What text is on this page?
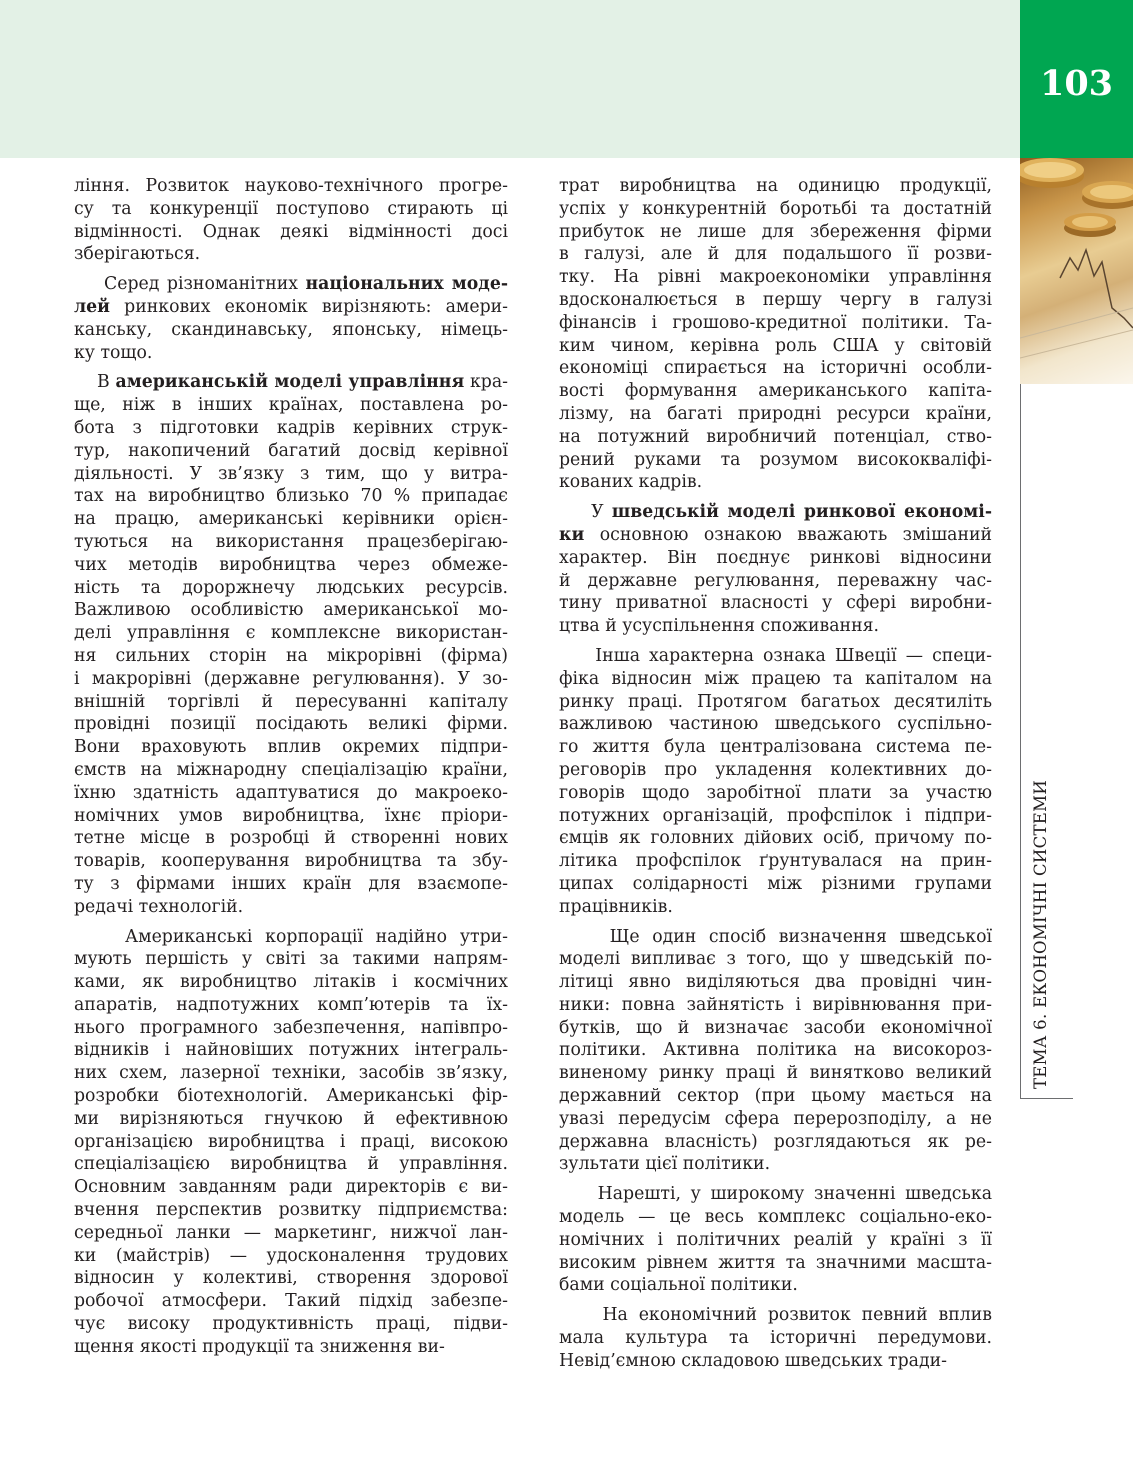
103
ТЕМА 6. ЕКОНОМІЧНІ СИСТЕМИ
ління. Розвиток науково-технічного прогре-
су та конкуренції поступово стирають ці
відмінності. Однак деякі відмінності досі
зберігаються.
Серед різноманітних національних моде-
лей ринкових економік вирізняють: амери-
канську, скандинавську, японську, німець-
ку тощо.
В американській моделі управління кра-
ще, ніж в інших країнах, поставлена ро-
бота з підготовки кадрів керівних струк-
тур, накопичений багатий досвід керівної
діяльності. У зв’язку з тим, що у витра-
тах на виробництво близько 70 % припадає
на працю, американські керівники орієн-
туються на використання працезберігаю-
чих методів виробництва через обмеже-
ність та дороржнечу людських ресурсів.
Важливою особливістю американської мо-
делі управління є комплексне використан-
ня сильних сторін на мікрорівні (фірма)
і макрорівні (державне регулювання). У зо-
внішній торгівлі й пересуванні капіталу
провідні позиції посідають великі фірми.
Вони враховують вплив окремих підпри-
ємств на міжнародну спеціалізацію країни,
їхню здатність адаптуватися до макроеко-
номічних умов виробництва, їхнє пріори-
тетне місце в розробці й створенні нових
товарів, кооперування виробництва та збу-
ту з фірмами інших країн для взаємопе-
редачі технологій.
Американські корпорації надійно утри-
мують першість у світі за такими напрям-
ками, як виробництво літаків і космічних
апаратів, надпотужних комп’ютерів та їх-
нього програмного забезпечення, напівпро-
відників і найновіших потужних інтеграль-
них схем, лазерної техніки, засобів зв’язку,
розробки біотехнологій. Американські фір-
ми вирізняються гнучкою й ефективною
організацією виробництва і праці, високою
спеціалізацією виробництва й управління.
Основним завданням ради директорів є ви-
вчення перспектив розвитку підприємства:
середньої ланки — маркетинг, нижчої лан-
ки (майстрів) — удосконалення трудових
відносин у колективі, створення здорової
робочої атмосфери. Такий підхід забезпе-
чує високу продуктивність праці, підви-
щення якості продукції та зниження ви-
трат виробництва на одиницю продукції,
успіх у конкурентній боротьбі та достатній
прибуток не лише для збереження фірми
в галузі, але й для подальшого її розви-
тку. На рівні макроекономіки управління
вдосконалюється в першу чергу в галузі
фінансів і грошово-кредитної політики. Та-
ким чином, керівна роль США у світовій
економіці спирається на історичні особли-
вості формування американського капіта-
лізму, на багаті природні ресурси країни,
на потужний виробничий потенціал, ство-
рений руками та розумом висококваліфі-
кованих кадрів.
У шведській моделі ринкової економі-
ки основною ознакою вважають змішаний
характер. Він поєднує ринкові відносини
й державне регулювання, переважну час-
тину приватної власності у сфері виробни-
цтва й усуспільнення споживання.
Інша характерна ознака Швеції — специ-
фіка відносин між працею та капіталом на
ринку праці. Протягом багатьох десятиліть
важливою частиною шведського суспільно-
го життя була централізована система пе-
реговорів про укладення колективних до-
говорів щодо заробітної плати за участю
потужних організацій, профспілок і підпри-
ємців як головних дійових осіб, причому по-
літика профспілок ґрунтувалася на прин-
ципах солідарності між різними групами
працівників.
Ще один спосіб визначення шведської
моделі випливає з того, що у шведській по-
літиці явно виділяються два провідні чин-
ники: повна зайнятість і вирівнювання при-
бутків, що й визначає засоби економічної
політики. Активна політика на високороз-
виненому ринку праці й винятково великий
державний сектор (при цьому мається на
увазі передусім сфера перерозподілу, а не
державна власність) розглядаються як ре-
зультати цієї політики.
Нарешті, у широкому значенні шведська
модель — це весь комплекс соціально-еко-
номічних і політичних реалій у країні з її
високим рівнем життя та значними масшта-
бами соціальної політики.
На економічний розвиток певний вплив
мала культура та історичні передумови.
Невід’ємною складовою шведських тради-
